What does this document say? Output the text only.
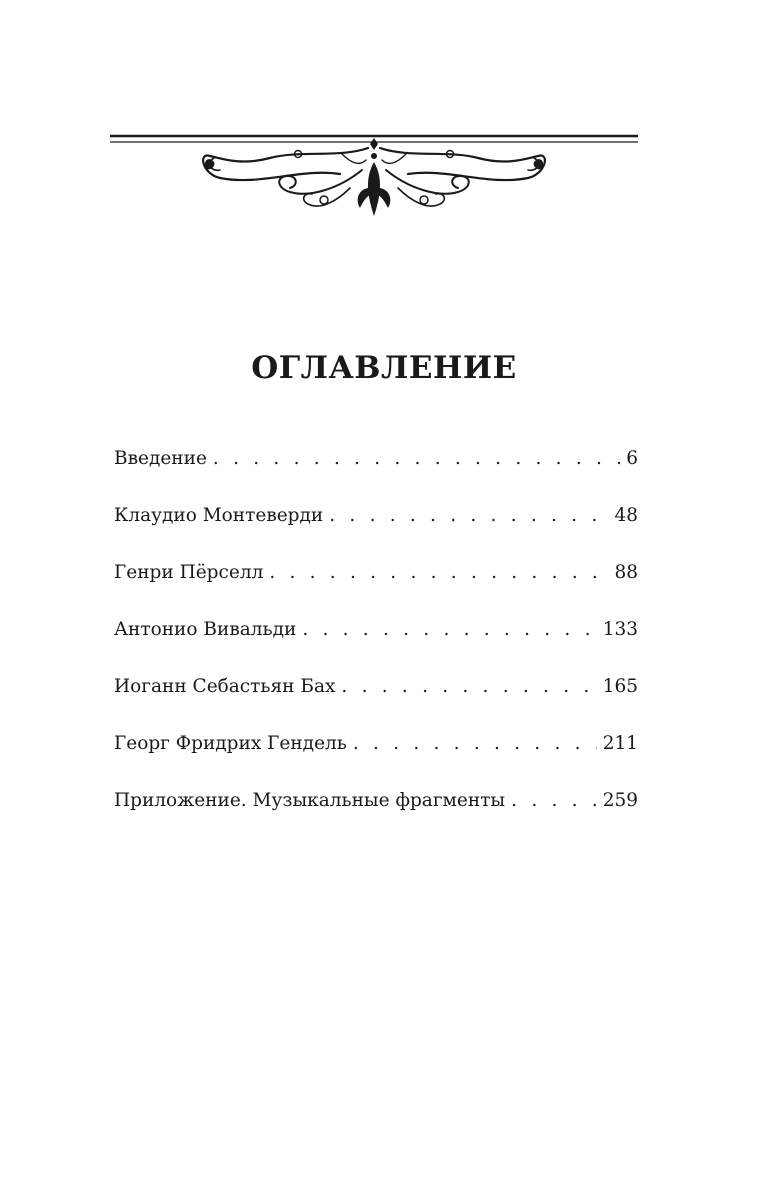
ОГЛАВЛЕНИЕ
Введение . . .	6
Клаудио Монтеверди . . .	48
Генри Пёрселл . . .	88
Антонио Вивальди . . .	133
Иоганн Себастьян Бах . . .	165
Георг Фридрих Гендель . . .	211
Приложение. Музыкальные фрагменты . . .	259
